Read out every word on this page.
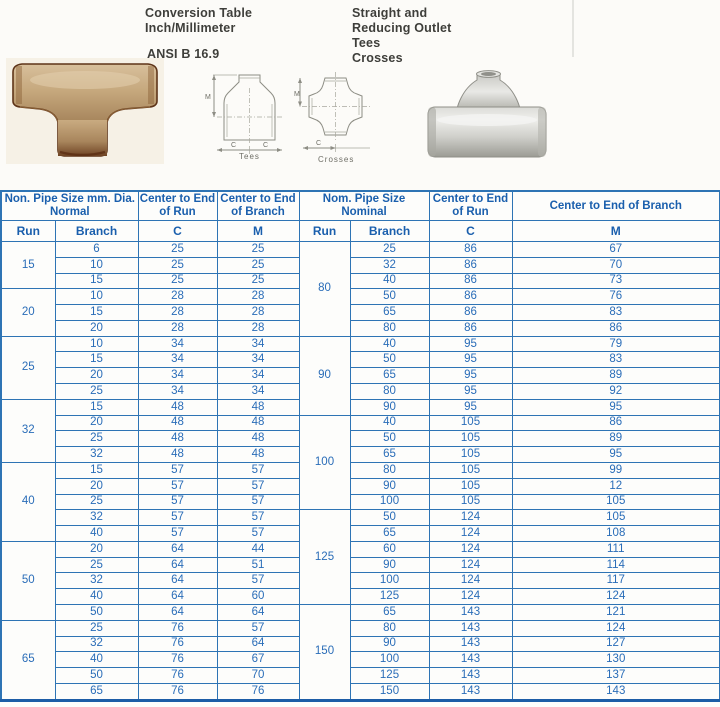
Conversion Table
Inch/Millimeter
ANSI B 16.9
M
C	C
Tees
M
C
Crosses
Straight and
Reducing Outlet
Tees
Crosses
Non. Pipe Size mm. Dia. Normal		Center to End of Run	Center to End of Branch	Nom. Pipe Size Nominal		Center to End of Run	Center to End of Branch
Run	Branch	C	M	Run	Branch	C	M
15	6	25	25	80	25	86	67
	10	25	25		32	86	70
	15	25	25		40	86	73
20	10	28	28		50	86	76
	15	28	28		65	86	83
	20	28	28		80	86	86
25	10	34	34	90	40	95	79
	15	34	34		50	95	83
	20	34	34		65	95	89
	25	34	34		80	95	92
32	15	48	48		90	95	95
	20	48	48	100	40	105	86
	25	48	48		50	105	89
	32	48	48		65	105	95
40	15	57	57		80	105	99
	20	57	57		90	105	12
	25	57	57		100	105	105
	32	57	57	125	50	124	105
	40	57	57		65	124	108
50	20	64	44		60	124	111
	25	64	51		90	124	114
	32	64	57		100	124	117
	40	64	60		125	124	124
	50	64	64	150	65	143	121
65	25	76	57		80	143	124
	32	76	64		90	143	127
	40	76	67		100	143	130
	50	76	70		125	143	137
	65	76	76		150	143	143
